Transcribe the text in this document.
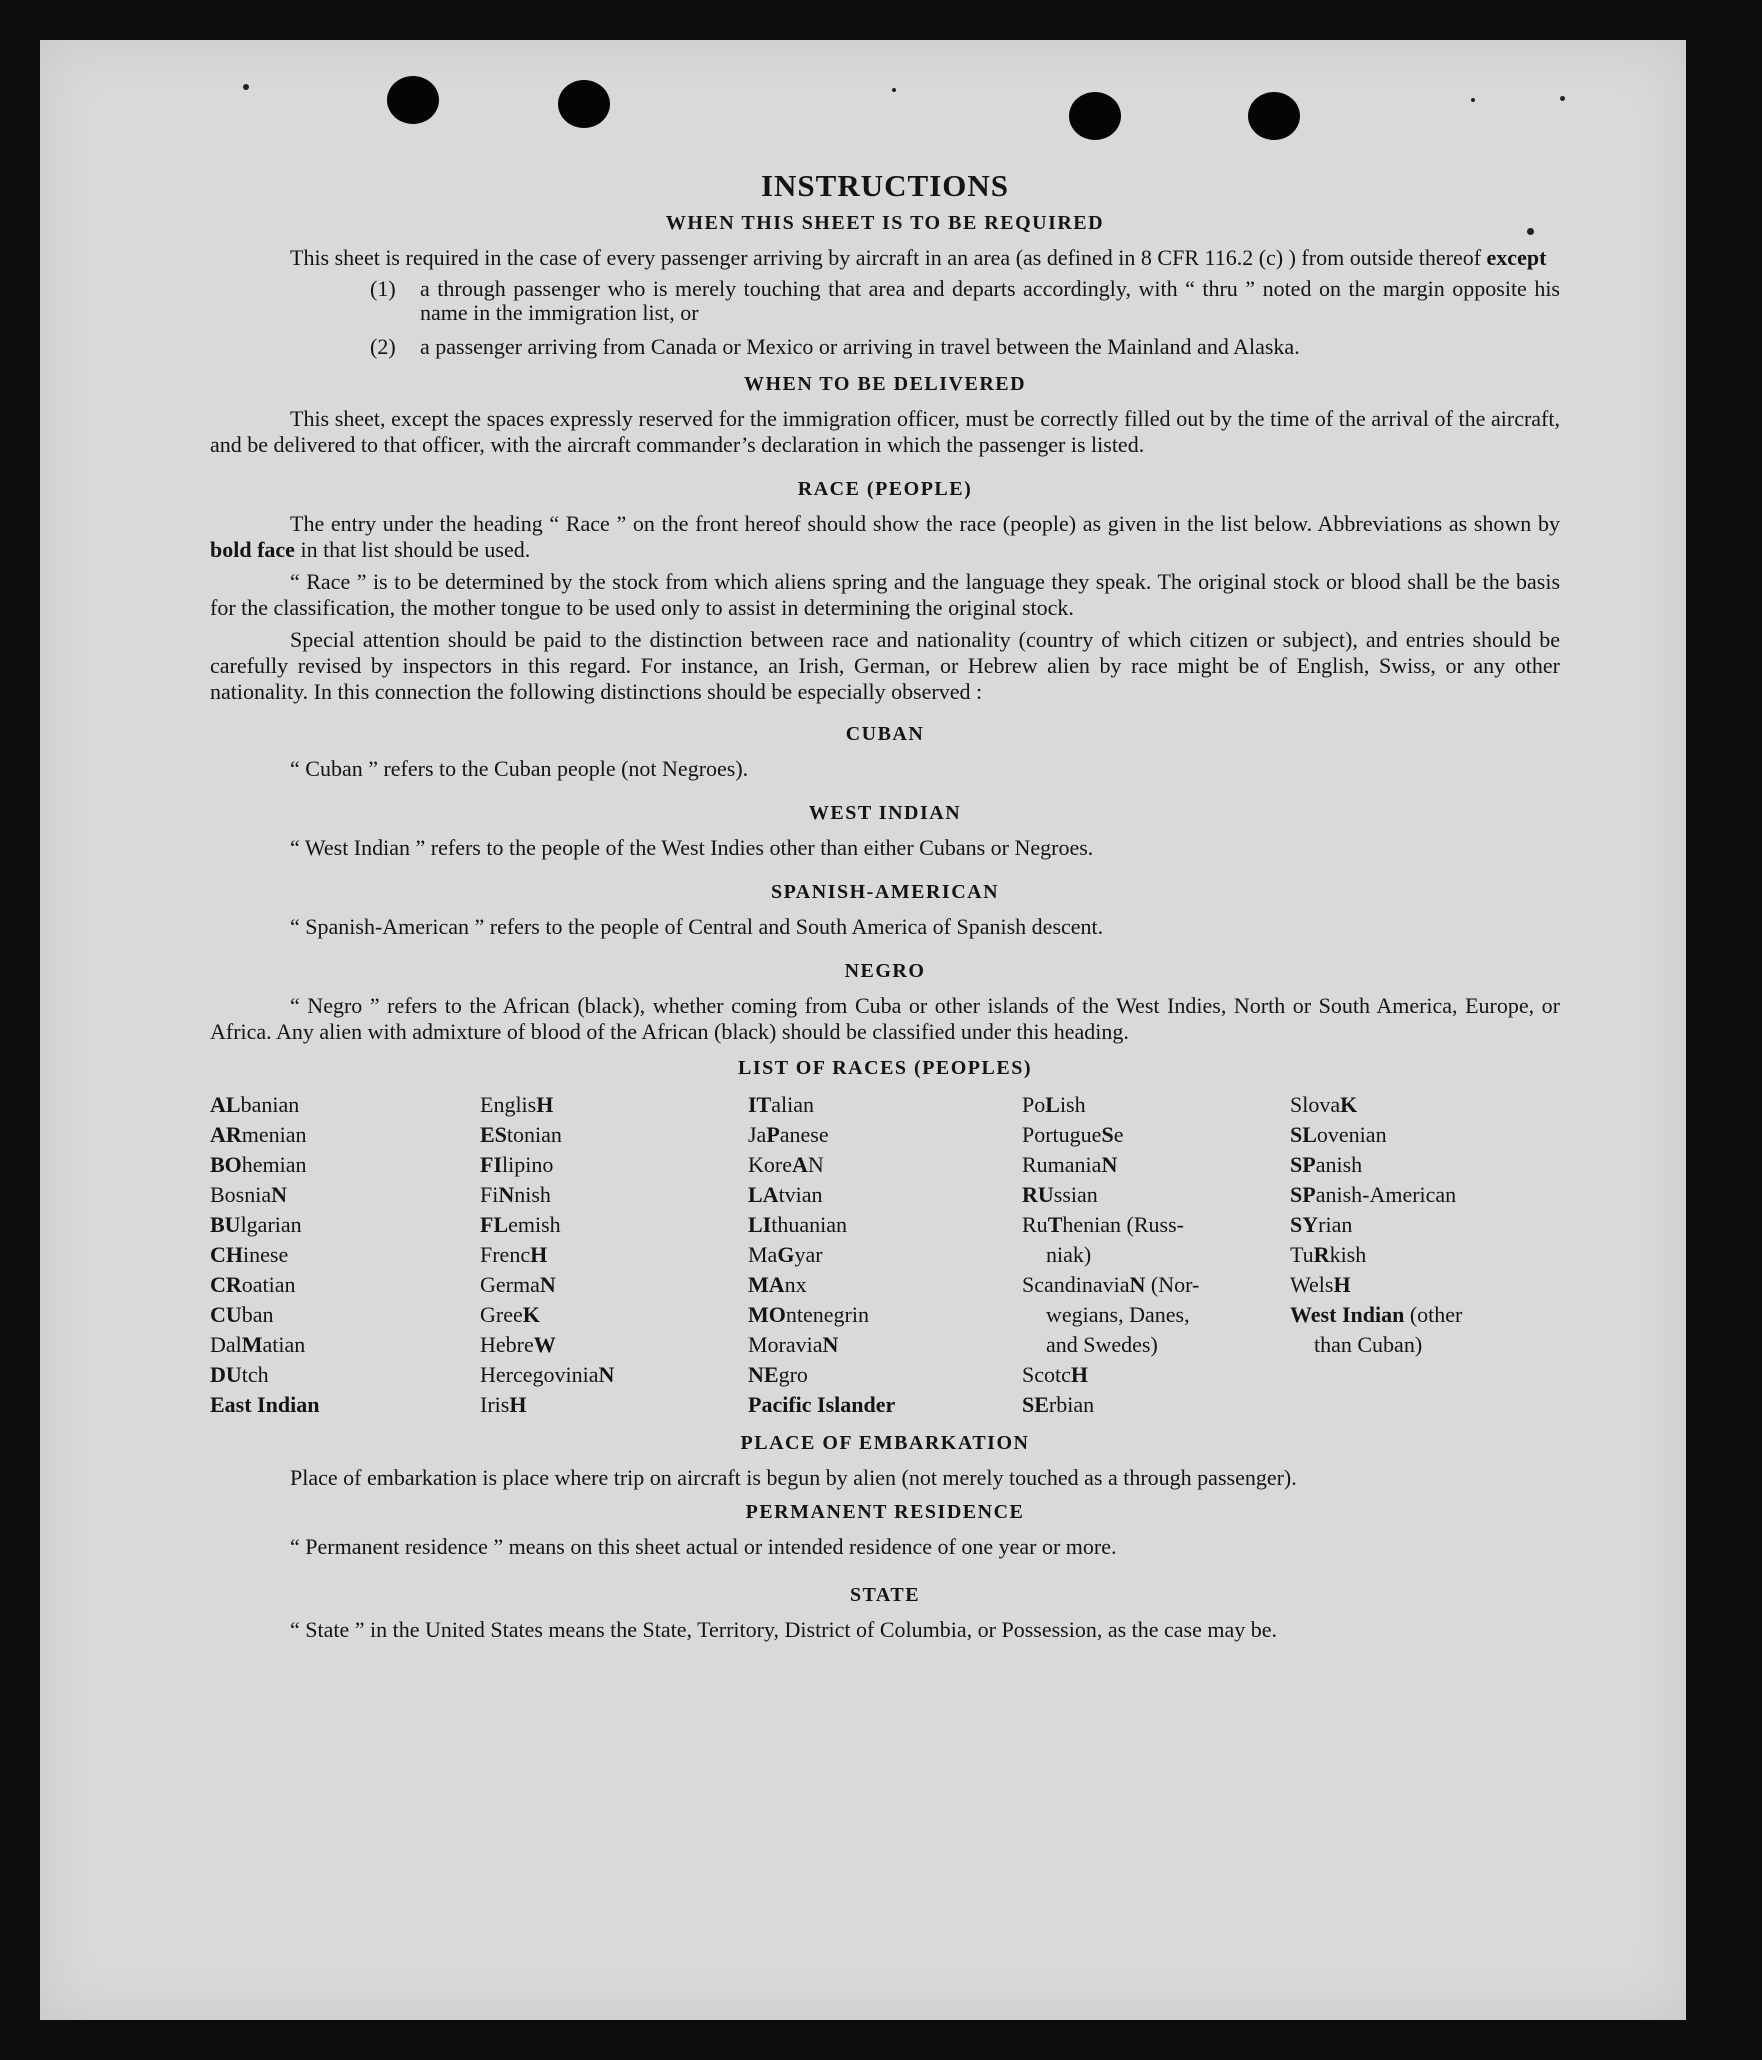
INSTRUCTIONS
WHEN THIS SHEET IS TO BE REQUIRED

This sheet is required in the case of every passenger arriving by aircraft in an area (as defined in 8 CFR 116.2 (c) ) from outside thereof except

(1)	a through passenger who is merely touching that area and departs accordingly, with “ thru ” noted on the margin opposite his name in the immigration list, or
(2)	a passenger arriving from Canada or Mexico or arriving in travel between the Mainland and Alaska.
WHEN TO BE DELIVERED

This sheet, except the spaces expressly reserved for the immigration officer, must be correctly filled out by the time of the arrival of the aircraft, and be delivered to that officer, with the aircraft commander’s declaration in which the passenger is listed.

RACE (PEOPLE)

The entry under the heading “ Race ” on the front hereof should show the race (people) as given in the list below. Abbreviations as shown by bold face in that list should be used.

“ Race ” is to be determined by the stock from which aliens spring and the language they speak. The original stock or blood shall be the basis for the classification, the mother tongue to be used only to assist in determining the original stock.

Special attention should be paid to the distinction between race and nationality (country of which citizen or subject), and entries should be carefully revised by inspectors in this regard. For instance, an Irish, German, or Hebrew alien by race might be of English, Swiss, or any other nationality. In this connection the following distinctions should be especially observed :

CUBAN

“ Cuban ” refers to the Cuban people (not Negroes).

WEST INDIAN

“ West Indian ” refers to the people of the West Indies other than either Cubans or Negroes.

SPANISH-AMERICAN

“ Spanish-American ” refers to the people of Central and South America of Spanish descent.

NEGRO

“ Negro ” refers to the African (black), whether coming from Cuba or other islands of the West Indies, North or South America, Europe, or Africa. Any alien with admixture of blood of the African (black) should be classified under this heading.

LIST OF RACES (PEOPLES)
ALbanian
ARmenian
BOhemian
BosniaN
BUlgarian
CHinese
CRoatian
CUban
DalMatian
DUtch
East Indian
EnglisH
EStonian
FIlipino
FiNnish
FLemish
FrencH
GermaN
GreeK
HebreW
HercegoviniaN
IrisH
ITalian
JaPanese
KoreAN
LAtvian
LIthuanian
MaGyar
MAnx
MOntenegrin
MoraviaN
NEgro
Pacific Islander
PoLish
PortugueSe
RumaniaN
RUssian
RuThenian (Russ-
niak)
ScandinaviaN (Nor-
wegians, Danes,
and Swedes)
ScotcH
SErbian
SlovaK
SLovenian
SPanish
SPanish-American
SYrian
TuRkish
WelsH
West Indian (other
than Cuban)
PLACE OF EMBARKATION

Place of embarkation is place where trip on aircraft is begun by alien (not merely touched as a through passenger).

PERMANENT RESIDENCE

“ Permanent residence ” means on this sheet actual or intended residence of one year or more.

STATE

“ State ” in the United States means the State, Territory, District of Columbia, or Possession, as the case may be.
